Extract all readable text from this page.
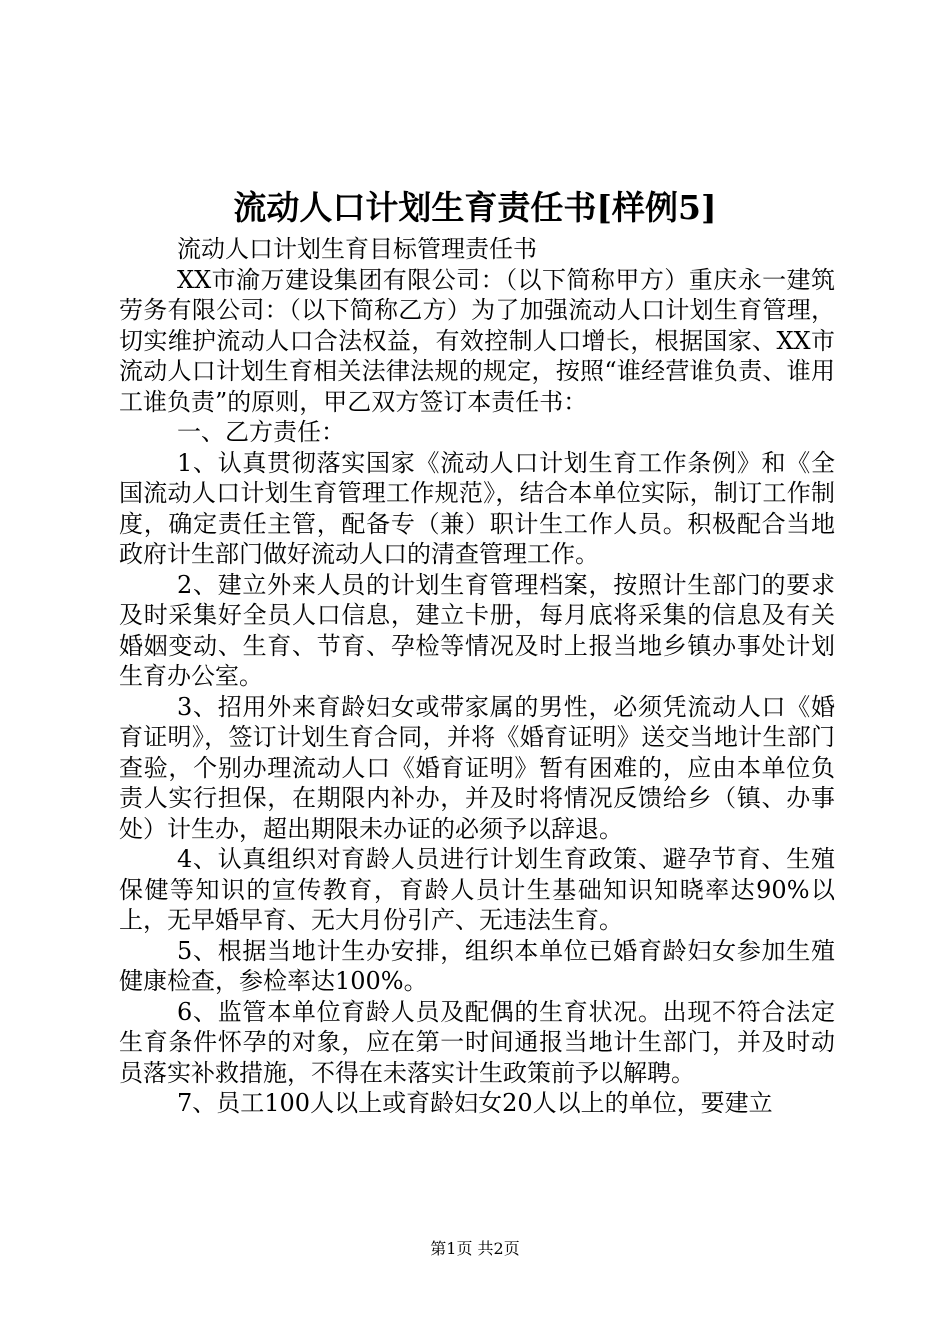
流动人口计划生育责任书[样例5]

流动人口计划生育目标管理责任书

XX市渝万建设集团有限公司：（以下简称甲方）重庆永一建筑劳务有限公司：（以下简称乙方）为了加强流动人口计划生育管理，切实维护流动人口合法权益，有效控制人口增长，根据国家、XX市流动人口计划生育相关法律法规的规定，按照“谁经营谁负责、谁用工谁负责”的原则，甲乙双方签订本责任书：

一、乙方责任：

1、认真贯彻落实国家《流动人口计划生育工作条例》和《全国流动人口计划生育管理工作规范》，结合本单位实际，制订工作制度，确定责任主管，配备专（兼）职计生工作人员。积极配合当地政府计生部门做好流动人口的清查管理工作。

2、建立外来人员的计划生育管理档案，按照计生部门的要求及时采集好全员人口信息，建立卡册，每月底将采集的信息及有关婚姻变动、生育、节育、孕检等情况及时上报当地乡镇办事处计划生育办公室。

3、招用外来育龄妇女或带家属的男性，必须凭流动人口《婚育证明》，签订计划生育合同，并将《婚育证明》送交当地计生部门查验，个别办理流动人口《婚育证明》暂有困难的，应由本单位负责人实行担保，在期限内补办，并及时将情况反馈给乡（镇、办事处）计生办，超出期限未办证的必须予以辞退。

4、认真组织对育龄人员进行计划生育政策、避孕节育、生殖保健等知识的宣传教育，育龄人员计生基础知识知晓率达90%以上，无早婚早育、无大月份引产、无违法生育。

5、根据当地计生办安排，组织本单位已婚育龄妇女参加生殖健康检查，参检率达100%。

6、监管本单位育龄人员及配偶的生育状况。出现不符合法定生育条件怀孕的对象，应在第一时间通报当地计生部门，并及时动员落实补救措施，不得在未落实计生政策前予以解聘。

7、员工100人以上或育龄妇女20人以上的单位，要建立

第1页 共2页
